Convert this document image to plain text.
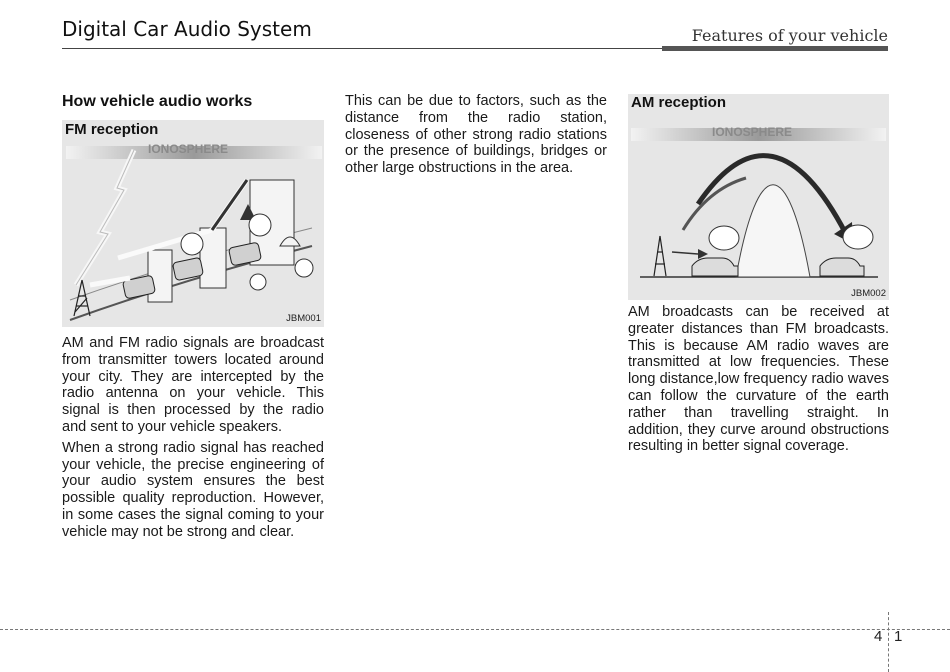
Digital Car Audio System	Features of your vehicle
How vehicle audio works
FM reception
IONOSPHERE
JBM001

AM and FM radio signals are broadcast from transmitter towers located around your city. They are intercepted by the radio antenna on your vehicle. This signal is then processed by the radio and sent to your vehicle speakers.

When a strong radio signal has reached your vehicle, the precise engineering of your audio system ensures the best possible quality reproduction. However, in some cases the signal coming to your vehicle may not be strong and clear.

This can be due to factors, such as the distance from the radio station, closeness of other strong radio stations or the presence of buildings, bridges or other large obstructions in the area.

AM reception
IONOSPHERE
JBM002

AM broadcasts can be received at greater distances than FM broadcasts. This is because AM radio waves are transmitted at low frequencies. These long distance,low frequency radio waves can follow the curvature of the earth rather than travelling straight. In addition, they curve around obstructions resulting in better signal coverage.

4 1
